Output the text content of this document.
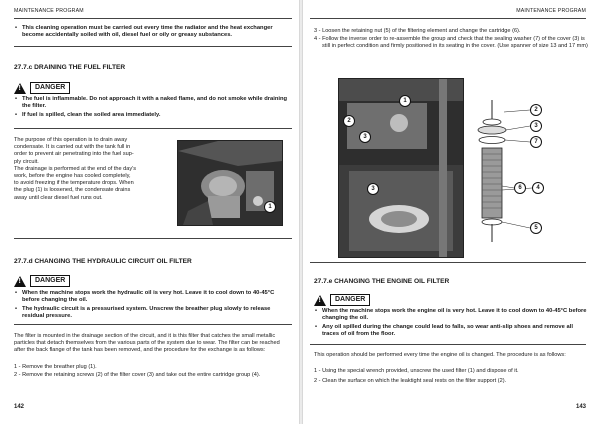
MAINTENANCE PROGRAM
• This cleaning operation must be carried out every time the radiator and the heat exchanger become accidentally soiled with oil, diesel fuel or oily or greasy substances.
27.7.c DRAINING THE FUEL FILTER
!
DANGER
• The fuel is inflammable. Do not approach it with a naked flame, and do not smoke while draining the filter.
• If fuel is spilled, clean the soiled area immediately.
The purpose of this operation is to drain away
condensate. It is carried out with the tank full in
order to prevent air penetrating into the fuel sup-
ply circuit.
The drainage is performed at the end of the day's
work, before the engine has cooled completely,
to avoid freezing if the temperature drops. When
the plug (1) is loosened, the condensate drains
away until clear diesel fuel runs out.
1
27.7.d CHANGING THE HYDRAULIC CIRCUIT OIL FILTER
!
DANGER
• When the machine stops work the hydraulic oil is very hot. Leave it to cool down to 40-45°C before changing the oil.
• The hydraulic circuit is a pressurised system. Unscrew the breather plug slowly to release residual pressure.
The filter is mounted in the drainage section of the circuit, and it is this filter that catches the small metallic particles that detach themselves from the various parts of the system due to wear. The filter can be reached after the back flange of the tank has been removed, and the procedure for the exchange is as follows:
1 - Remove the breather plug (1).
2 - Remove the retaining screws (2) of the filter cover (3) and take out the entire cartridge group (4).
142
MAINTENANCE PROGRAM
3 - Loosen the retaining nut (5) of the filtering element and change the cartridge (6).
4 - Follow the inverse order to re-assemble the group and check that the sealing washer (7) of the cover (3) is still in perfect condition and firmly positioned in its seating in the cover. (Use spanner of size 13 and 17 mm)
1
2
3
3
2
3
7
6	4
5
27.7.e CHANGING THE ENGINE OIL FILTER
!
DANGER
• When the machine stops work the engine oil is very hot. Leave it to cool down to 40-45°C before changing the oil.
• Any oil spilled during the change could lead to falls, so wear anti-slip shoes and remove all traces of oil from the floor.
This operation should be performed every time the engine oil is changed. The procedure is as follows:
1 - Using the special wrench provided, unscrew the used filter (1) and dispose of it.
2 - Clean the surface on which the leaktight seal rests on the filter support (2).
143
